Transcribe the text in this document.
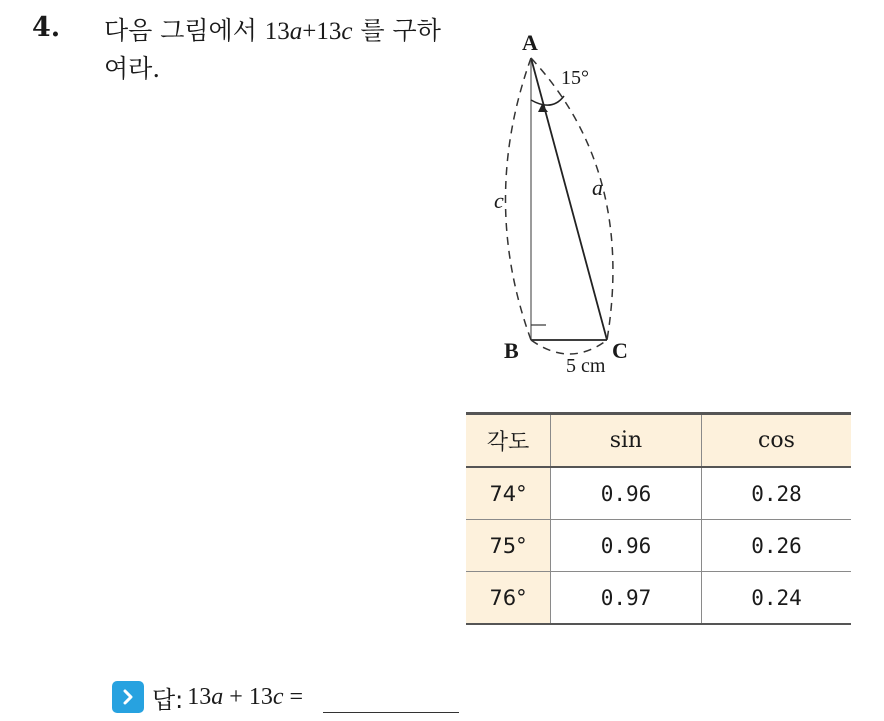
4. 다음 그림에서 13a+13c 를 구하여라.
A
B	C
15°
a
c
5 cm
각도	sin	cos
74°	0.96	0.28
75°	0.96	0.26
76°	0.97	0.24
답: 13a + 13c =
